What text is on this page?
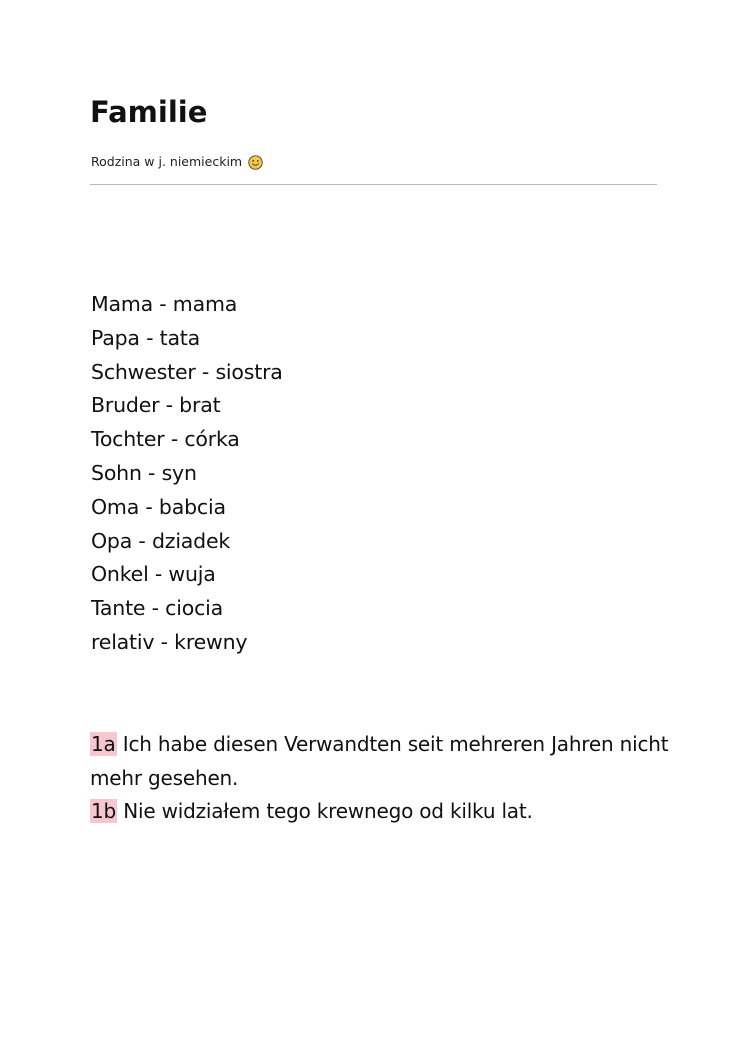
Familie
Rodzina w j. niemieckim
Mama - mama
Papa - tata
Schwester - siostra
Bruder - brat
Tochter - córka
Sohn - syn
Oma - babcia
Opa - dziadek
Onkel - wuja
Tante - ciocia
relativ - krewny

1a Ich habe diesen Verwandten seit mehreren Jahren nicht mehr gesehen.

1b Nie widziałem tego krewnego od kilku lat.
